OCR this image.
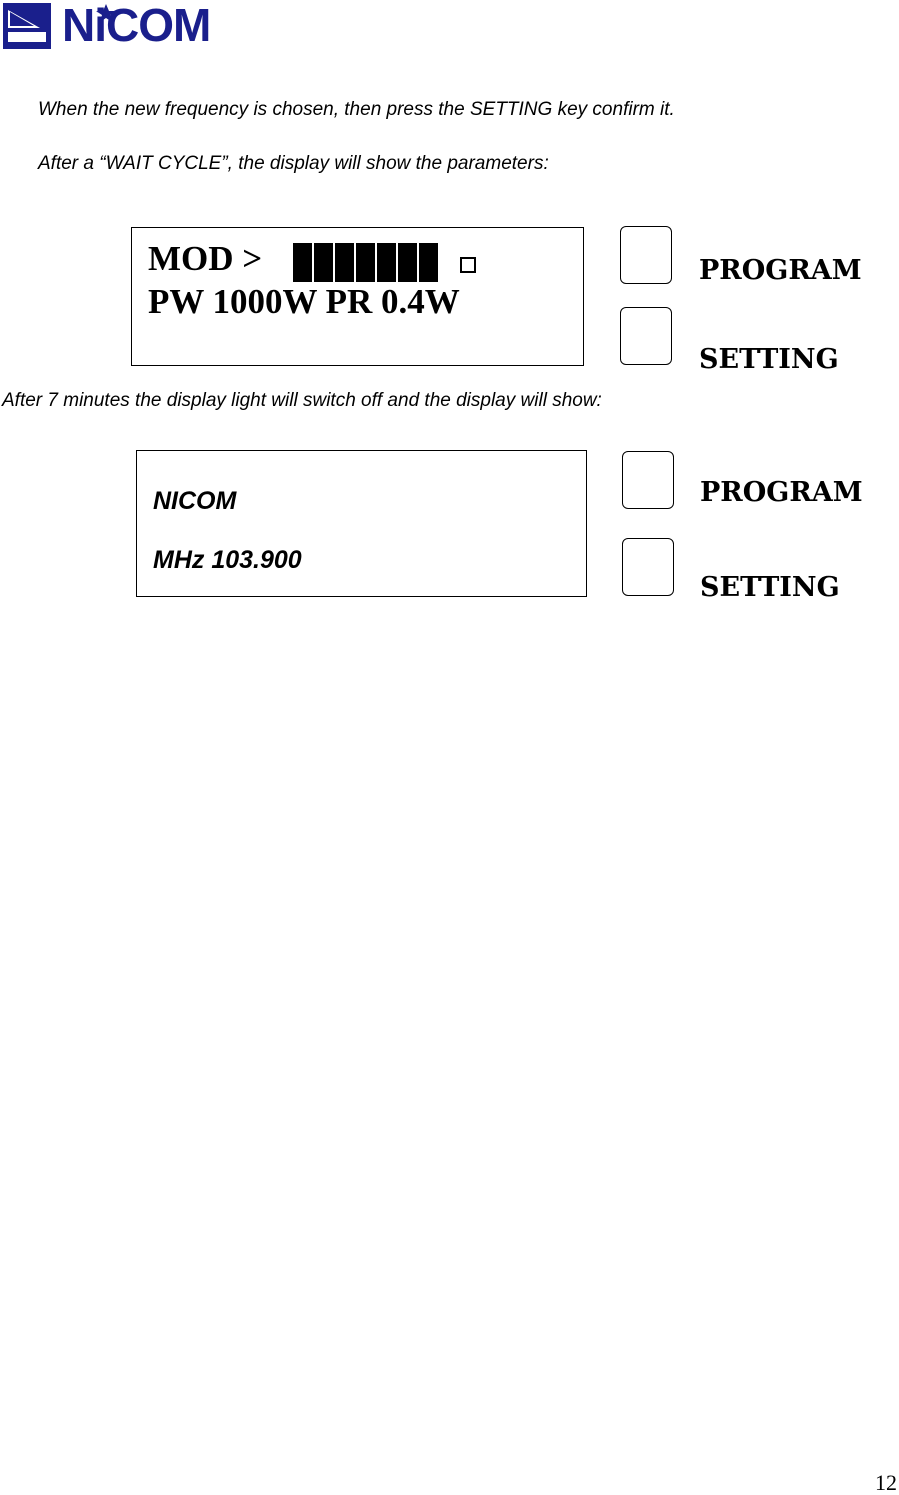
NiCOM
When the new frequency is chosen, then press the SETTING key confirm it.
After a “WAIT CYCLE”, the display will show the parameters:
MOD >
PW 1000W PR 0.4W
PROGRAM
SETTING
After 7 minutes the display light will switch off and the display will show:
NICOM
MHz 103.900
PROGRAM
SETTING
12
